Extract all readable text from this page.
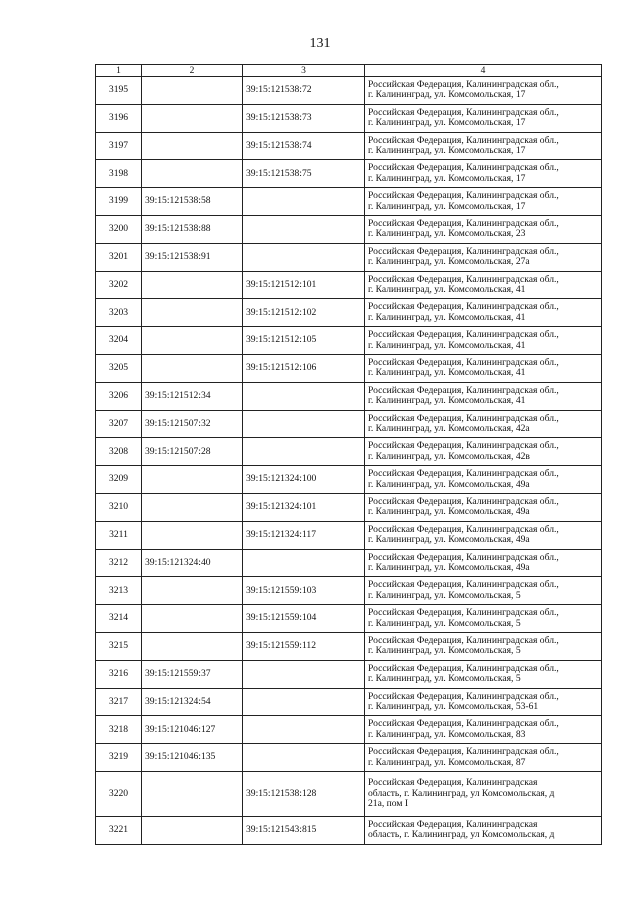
131
1	2	3	4
3195		39:15:121538:72	Российская Федерация, Калининградская обл.,
г. Калининград, ул. Комсомольская, 17

3196		39:15:121538:73	Российская Федерация, Калининградская обл.,
г. Калининград, ул. Комсомольская, 17

3197		39:15:121538:74	Российская Федерация, Калининградская обл.,
г. Калининград, ул. Комсомольская, 17

3198		39:15:121538:75	Российская Федерация, Калининградская обл.,
г. Калининград, ул. Комсомольская, 17

3199	39:15:121538:58		Российская Федерация, Калининградская обл.,
г. Калининград, ул. Комсомольская, 17

3200	39:15:121538:88		Российская Федерация, Калининградская обл.,
г. Калининград, ул. Комсомольская, 23

3201	39:15:121538:91		Российская Федерация, Калининградская обл.,
г. Калининград, ул. Комсомольская, 27а

3202		39:15:121512:101	Российская Федерация, Калининградская обл.,
г. Калининград, ул. Комсомольская, 41

3203		39:15:121512:102	Российская Федерация, Калининградская обл.,
г. Калининград, ул. Комсомольская, 41

3204		39:15:121512:105	Российская Федерация, Калининградская обл.,
г. Калининград, ул. Комсомольская, 41

3205		39:15:121512:106	Российская Федерация, Калининградская обл.,
г. Калининград, ул. Комсомольская, 41

3206	39:15:121512:34		Российская Федерация, Калининградская обл.,
г. Калининград, ул. Комсомольская, 41

3207	39:15:121507:32		Российская Федерация, Калининградская обл.,
г. Калининград, ул. Комсомольская, 42а

3208	39:15:121507:28		Российская Федерация, Калининградская обл.,
г. Калининград, ул. Комсомольская, 42в

3209		39:15:121324:100	Российская Федерация, Калининградская обл.,
г. Калининград, ул. Комсомольская, 49а

3210		39:15:121324:101	Российская Федерация, Калининградская обл.,
г. Калининград, ул. Комсомольская, 49а

3211		39:15:121324:117	Российская Федерация, Калининградская обл.,
г. Калининград, ул. Комсомольская, 49а

3212	39:15:121324:40		Российская Федерация, Калининградская обл.,
г. Калининград, ул. Комсомольская, 49а

3213		39:15:121559:103	Российская Федерация, Калининградская обл.,
г. Калининград, ул. Комсомольская, 5

3214		39:15:121559:104	Российская Федерация, Калининградская обл.,
г. Калининград, ул. Комсомольская, 5

3215		39:15:121559:112	Российская Федерация, Калининградская обл.,
г. Калининград, ул. Комсомольская, 5

3216	39:15:121559:37		Российская Федерация, Калининградская обл.,
г. Калининград, ул. Комсомольская, 5

3217	39:15:121324:54		Российская Федерация, Калининградская обл.,
г. Калининград, ул. Комсомольская, 53-61

3218	39:15:121046:127		Российская Федерация, Калининградская обл.,
г. Калининград, ул. Комсомольская, 83

3219	39:15:121046:135		Российская Федерация, Калининградская обл.,
г. Калининград, ул. Комсомольская, 87

3220		39:15:121538:128	Российская Федерация, Калининградская
область, г. Калининград, ул Комсомольская, д
21а, пом I

3221		39:15:121543:815	Российская Федерация, Калининградская
область, г. Калининград, ул Комсомольская, д
